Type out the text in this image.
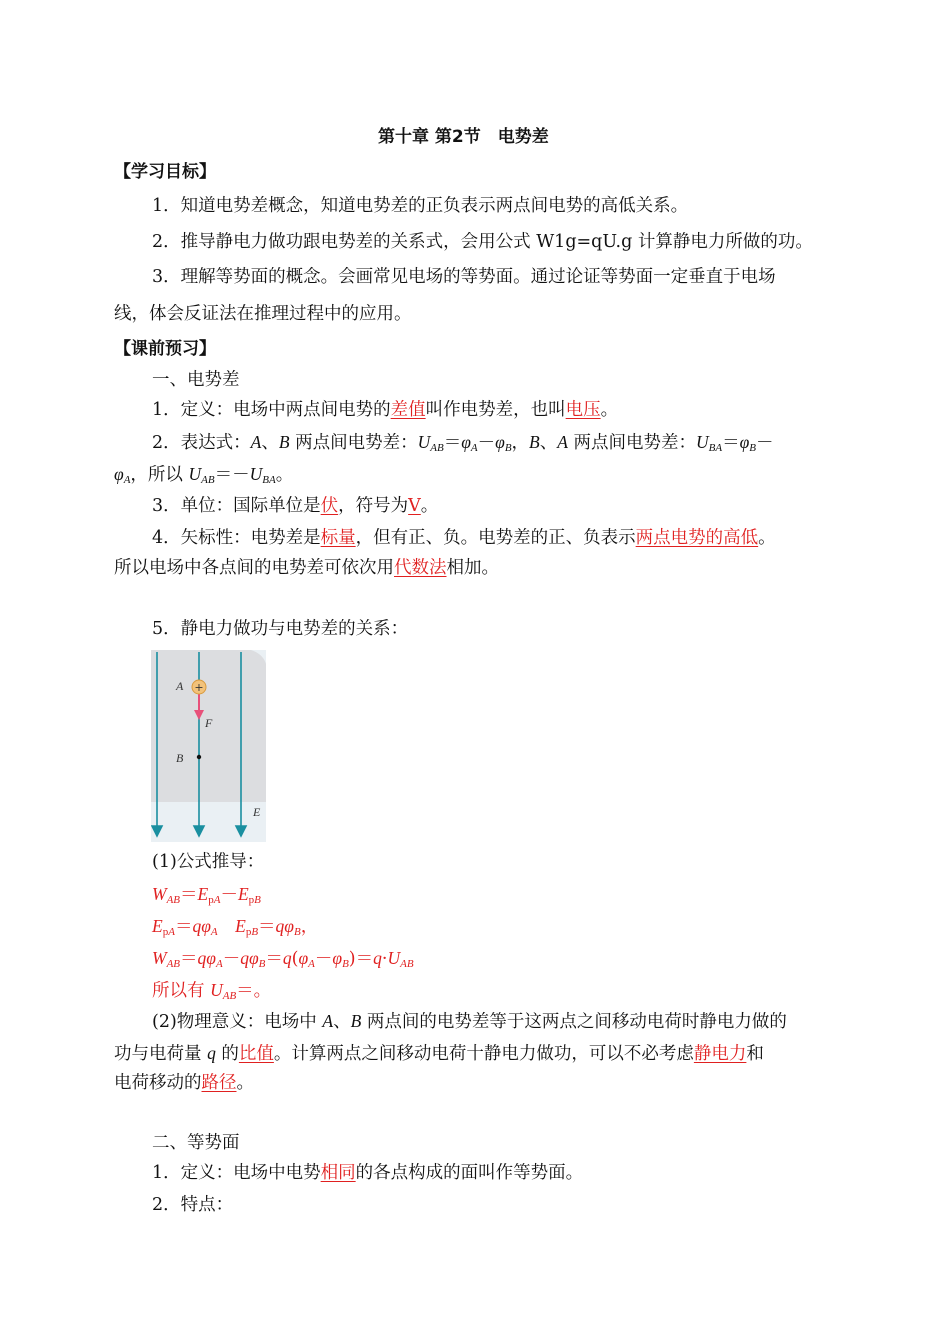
第十章 第2节　电势差
【学习目标】
1．知道电势差概念，知道电势差的正负表示两点间电势的高低关系。
2．推导静电力做功跟电势差的关系式，会用公式 W1g=qU.g 计算静电力所做的功。
3．理解等势面的概念。会画常见电场的等势面。通过论证等势面一定垂直于电场
线，体会反证法在推理过程中的应用。
【课前预习】
一、电势差
1．定义：电场中两点间电势的差值叫作电势差，也叫电压。
2．表达式：A、B 两点间电势差：$U_{AB}=\varphi_A-\varphi_B$，B、A 两点间电势差：$U_{BA}=\varphi_B-$
$\varphi_A$，所以 $U_{AB}=-U_{BA}$。
3．单位：国际单位是伏，符号为V。
4．矢标性：电势差是标量，但有正、负。电势差的正、负表示两点电势的高低。
所以电场中各点间的电势差可依次用代数法相加。
5．静电力做功与电势差的关系：
(1)公式推导：
$W_{AB}=Ep_A-Ep_B$
$Ep_A=q\varphi_A$　 $Ep_B=q\varphi_B$，
$W_{AB}=q\varphi_A-q\varphi_B=q(\varphi_A-\varphi_B)=q\cdot U_{AB}$
所以有 $U_{AB}=$。
(2)物理意义：电场中 A、B 两点间的电势差等于这两点之间移动电荷时静电力做的
功与电荷量 q 的比值。计算两点之间移动电荷十静电力做功，可以不必考虑静电力和
电荷移动的路径。
二、等势面
1．定义：电场中电势相同的各点构成的面叫作等势面。
2．特点：
+
A
F
B
E
